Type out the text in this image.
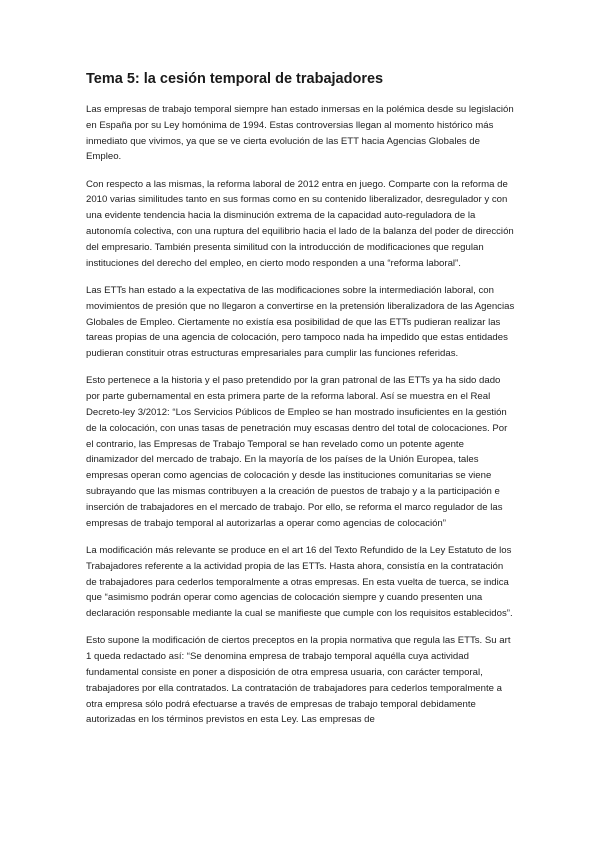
Tema 5: la cesión temporal de trabajadores

Las empresas de trabajo temporal siempre han estado inmersas en la polémica desde su legislación en España por su Ley homónima de 1994. Estas controversias llegan al momento histórico más inmediato que vivimos, ya que se ve cierta evolución de las ETT hacia Agencias Globales de Empleo.

Con respecto a las mismas, la reforma laboral de 2012 entra en juego. Comparte con la reforma de 2010 varias similitudes tanto en sus formas como en su contenido liberalizador, desregulador y con una evidente tendencia hacia la disminución extrema de la capacidad auto-reguladora de la autonomía colectiva, con una ruptura del equilibrio hacia el lado de la balanza del poder de dirección del empresario. También presenta similitud con la introducción de modificaciones que regulan instituciones del derecho del empleo, en cierto modo responden a una “reforma laboral”.

Las ETTs han estado a la expectativa de las modificaciones sobre la intermediación laboral, con movimientos de presión que no llegaron a convertirse en la pretensión liberalizadora de las Agencias Globales de Empleo. Ciertamente no existía esa posibilidad de que las ETTs pudieran realizar las tareas propias de una agencia de colocación, pero tampoco nada ha impedido que estas entidades pudieran constituir otras estructuras empresariales para cumplir las funciones referidas.

Esto pertenece a la historia y el paso pretendido por la gran patronal de las ETTs ya ha sido dado por parte gubernamental en esta primera parte de la reforma laboral. Así se muestra en el Real Decreto-ley 3/2012: “Los Servicios Públicos de Empleo se han mostrado insuficientes en la gestión de la colocación, con unas tasas de penetración muy escasas dentro del total de colocaciones. Por el contrario, las Empresas de Trabajo Temporal se han revelado como un potente agente dinamizador del mercado de trabajo. En la mayoría de los países de la Unión Europea, tales empresas operan como agencias de colocación y desde las instituciones comunitarias se viene subrayando que las mismas contribuyen a la creación de puestos de trabajo y a la participación e inserción de trabajadores en el mercado de trabajo. Por ello, se reforma el marco regulador de las empresas de trabajo temporal al autorizarlas a operar como agencias de colocación”

La modificación más relevante se produce en el art 16 del Texto Refundido de la Ley Estatuto de los Trabajadores referente a la actividad propia de las ETTs. Hasta ahora, consistía en la contratación de trabajadores para cederlos temporalmente a otras empresas. En esta vuelta de tuerca, se indica que “asimismo podrán operar como agencias de colocación siempre y cuando presenten una declaración responsable mediante la cual se manifieste que cumple con los requisitos establecidos”.

Esto supone la modificación de ciertos preceptos en la propia normativa que regula las ETTs. Su art 1 queda redactado así: “Se denomina empresa de trabajo temporal aquélla cuya actividad fundamental consiste en poner a disposición de otra empresa usuaria, con carácter temporal, trabajadores por ella contratados. La contratación de trabajadores para cederlos temporalmente a otra empresa sólo podrá efectuarse a través de empresas de trabajo temporal debidamente autorizadas en los términos previstos en esta Ley. Las empresas de
